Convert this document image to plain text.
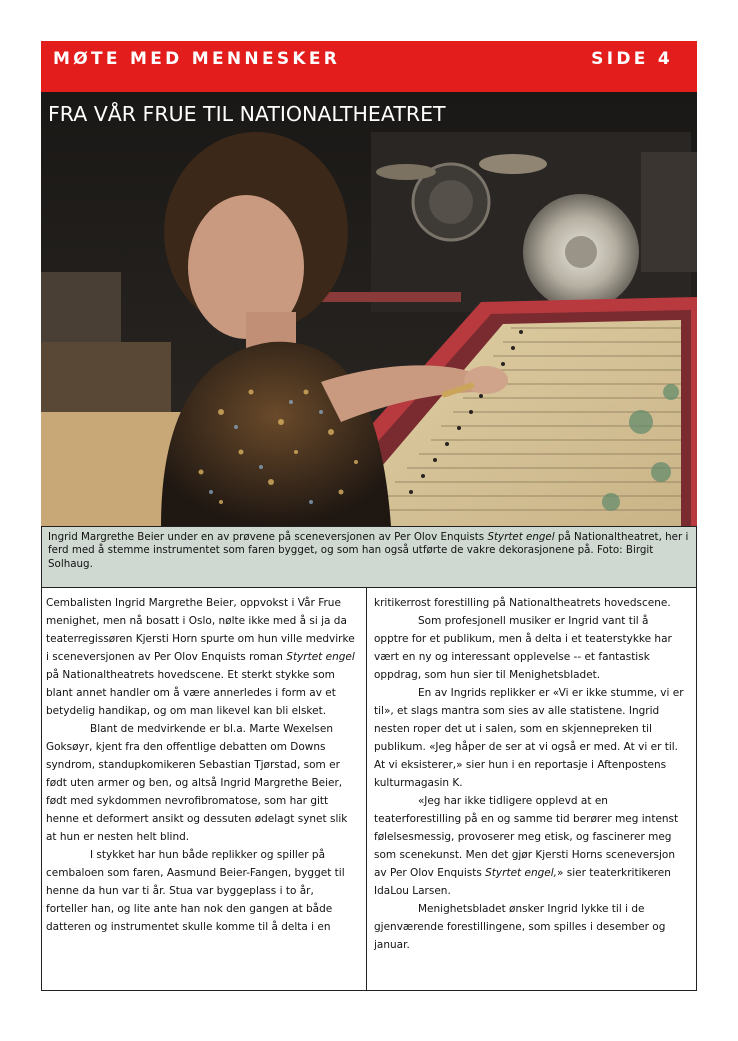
MØTE MED MENNESKER	SIDE 4
FRA VÅR FRUE TIL NATIONALTHEATRET
Ingrid Margrethe Beier under en av prøvene på sceneversjonen av Per Olov Enquists Styrtet engel på Nationaltheatret, her i ferd med å stemme instrumentet som faren bygget, og som han også utførte de vakre dekorasjonene på. Foto: Birgit Solhaug.

Cembalisten Ingrid Margrethe Beier, oppvokst i Vår Frue menighet, men nå bosatt i Oslo, nølte ikke med å si ja da teaterregissøren Kjersti Horn spurte om hun ville medvirke i sceneversjonen av Per Olov Enquists roman Styrtet engel på Nationaltheatrets hovedscene. Et sterkt stykke som blant annet handler om å være annerledes i form av et betydelig handikap, og om man likevel kan bli elsket.

Blant de medvirkende er bl.a. Marte Wexelsen Goksøyr, kjent fra den offentlige debatten om Downs syndrom, standupkomikeren Sebastian Tjørstad, som er født uten armer og ben, og altså Ingrid Margrethe Beier, født med sykdommen nevrofibromatose, som har gitt henne et deformert ansikt og dessuten ødelagt synet slik at hun er nesten helt blind.

I stykket har hun både replikker og spiller på cembaloen som faren, Aasmund Beier-Fangen, bygget til henne da hun var ti år. Stua var byggeplass i to år, forteller han, og lite ante han nok den gangen at både datteren og instrumentet skulle komme til å delta i en

kritikerrost forestilling på Nationaltheatrets hovedscene.

Som profesjonell musiker er Ingrid vant til å opptre for et publikum, men å delta i et teaterstykke har vært en ny og interessant opplevelse -- et fantastisk oppdrag, som hun sier til Menighetsbladet.

En av Ingrids replikker er «Vi er ikke stumme, vi er til», et slags mantra som sies av alle statistene. Ingrid nesten roper det ut i salen, som en skjennepreken til publikum. «Jeg håper de ser at vi også er med. At vi er til. At vi eksisterer,» sier hun i en reportasje i Aftenpostens kulturmagasin K.

«Jeg har ikke tidligere opplevd at en teaterforestilling på en og samme tid berører meg intenst følelsesmessig, provoserer meg etisk, og fascinerer meg som scenekunst. Men det gjør Kjersti Horns sceneversjon av Per Olov Enquists Styrtet engel,» sier teaterkritikeren IdaLou Larsen.

Menighetsbladet ønsker Ingrid lykke til i de gjenværende forestillingene, som spilles i desember og januar.
